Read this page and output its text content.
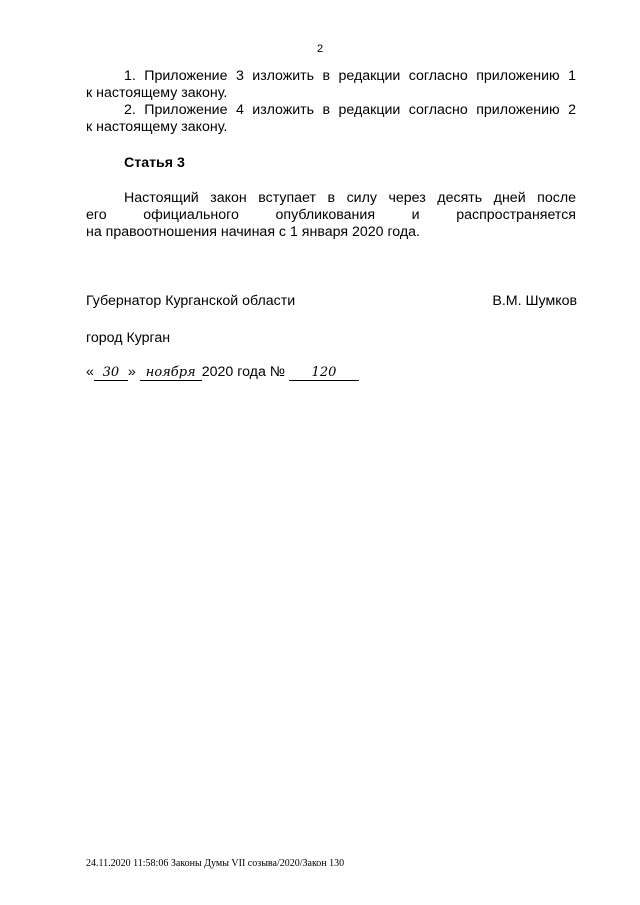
2
1. Приложение 3 изложить в редакции согласно приложению 1
к настоящему закону.
2. Приложение 4 изложить в редакции согласно приложению 2
к настоящему закону.
Статья 3
Настоящий закон вступает в силу через десять дней после
его официального опубликования и распространяется
на правоотношения начиная с 1 января 2020 года.
Губернатор Курганской области	В.М. Шумков
город Курган
« 30 » ноября 2020 года № 120
24.11.2020 11:58:06 Законы Думы VII созыва/2020/Закон 130
